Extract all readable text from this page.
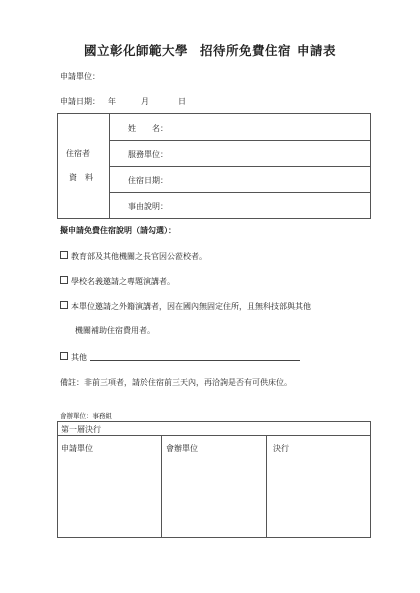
國立彰化師範大學 招待所免費住宿 申請表
申請單位：
申請日期： 年	月	日
住宿者
資　料
姓　　名：
服務單位：
住宿日期：
事由說明：
擬申請免費住宿說明（請勾選）：
教育部及其他機關之長官因公蒞校者。
學校名義邀請之專題演講者。
本單位邀請之外籍演講者，因在國內無固定住所，且無科技部與其他
機關補助住宿費用者。
其他
備註：非前三項者，請於住宿前三天內，再洽詢是否有可供床位。
會辦單位：事務組
第一層決行
申請單位	會辦單位	決行
